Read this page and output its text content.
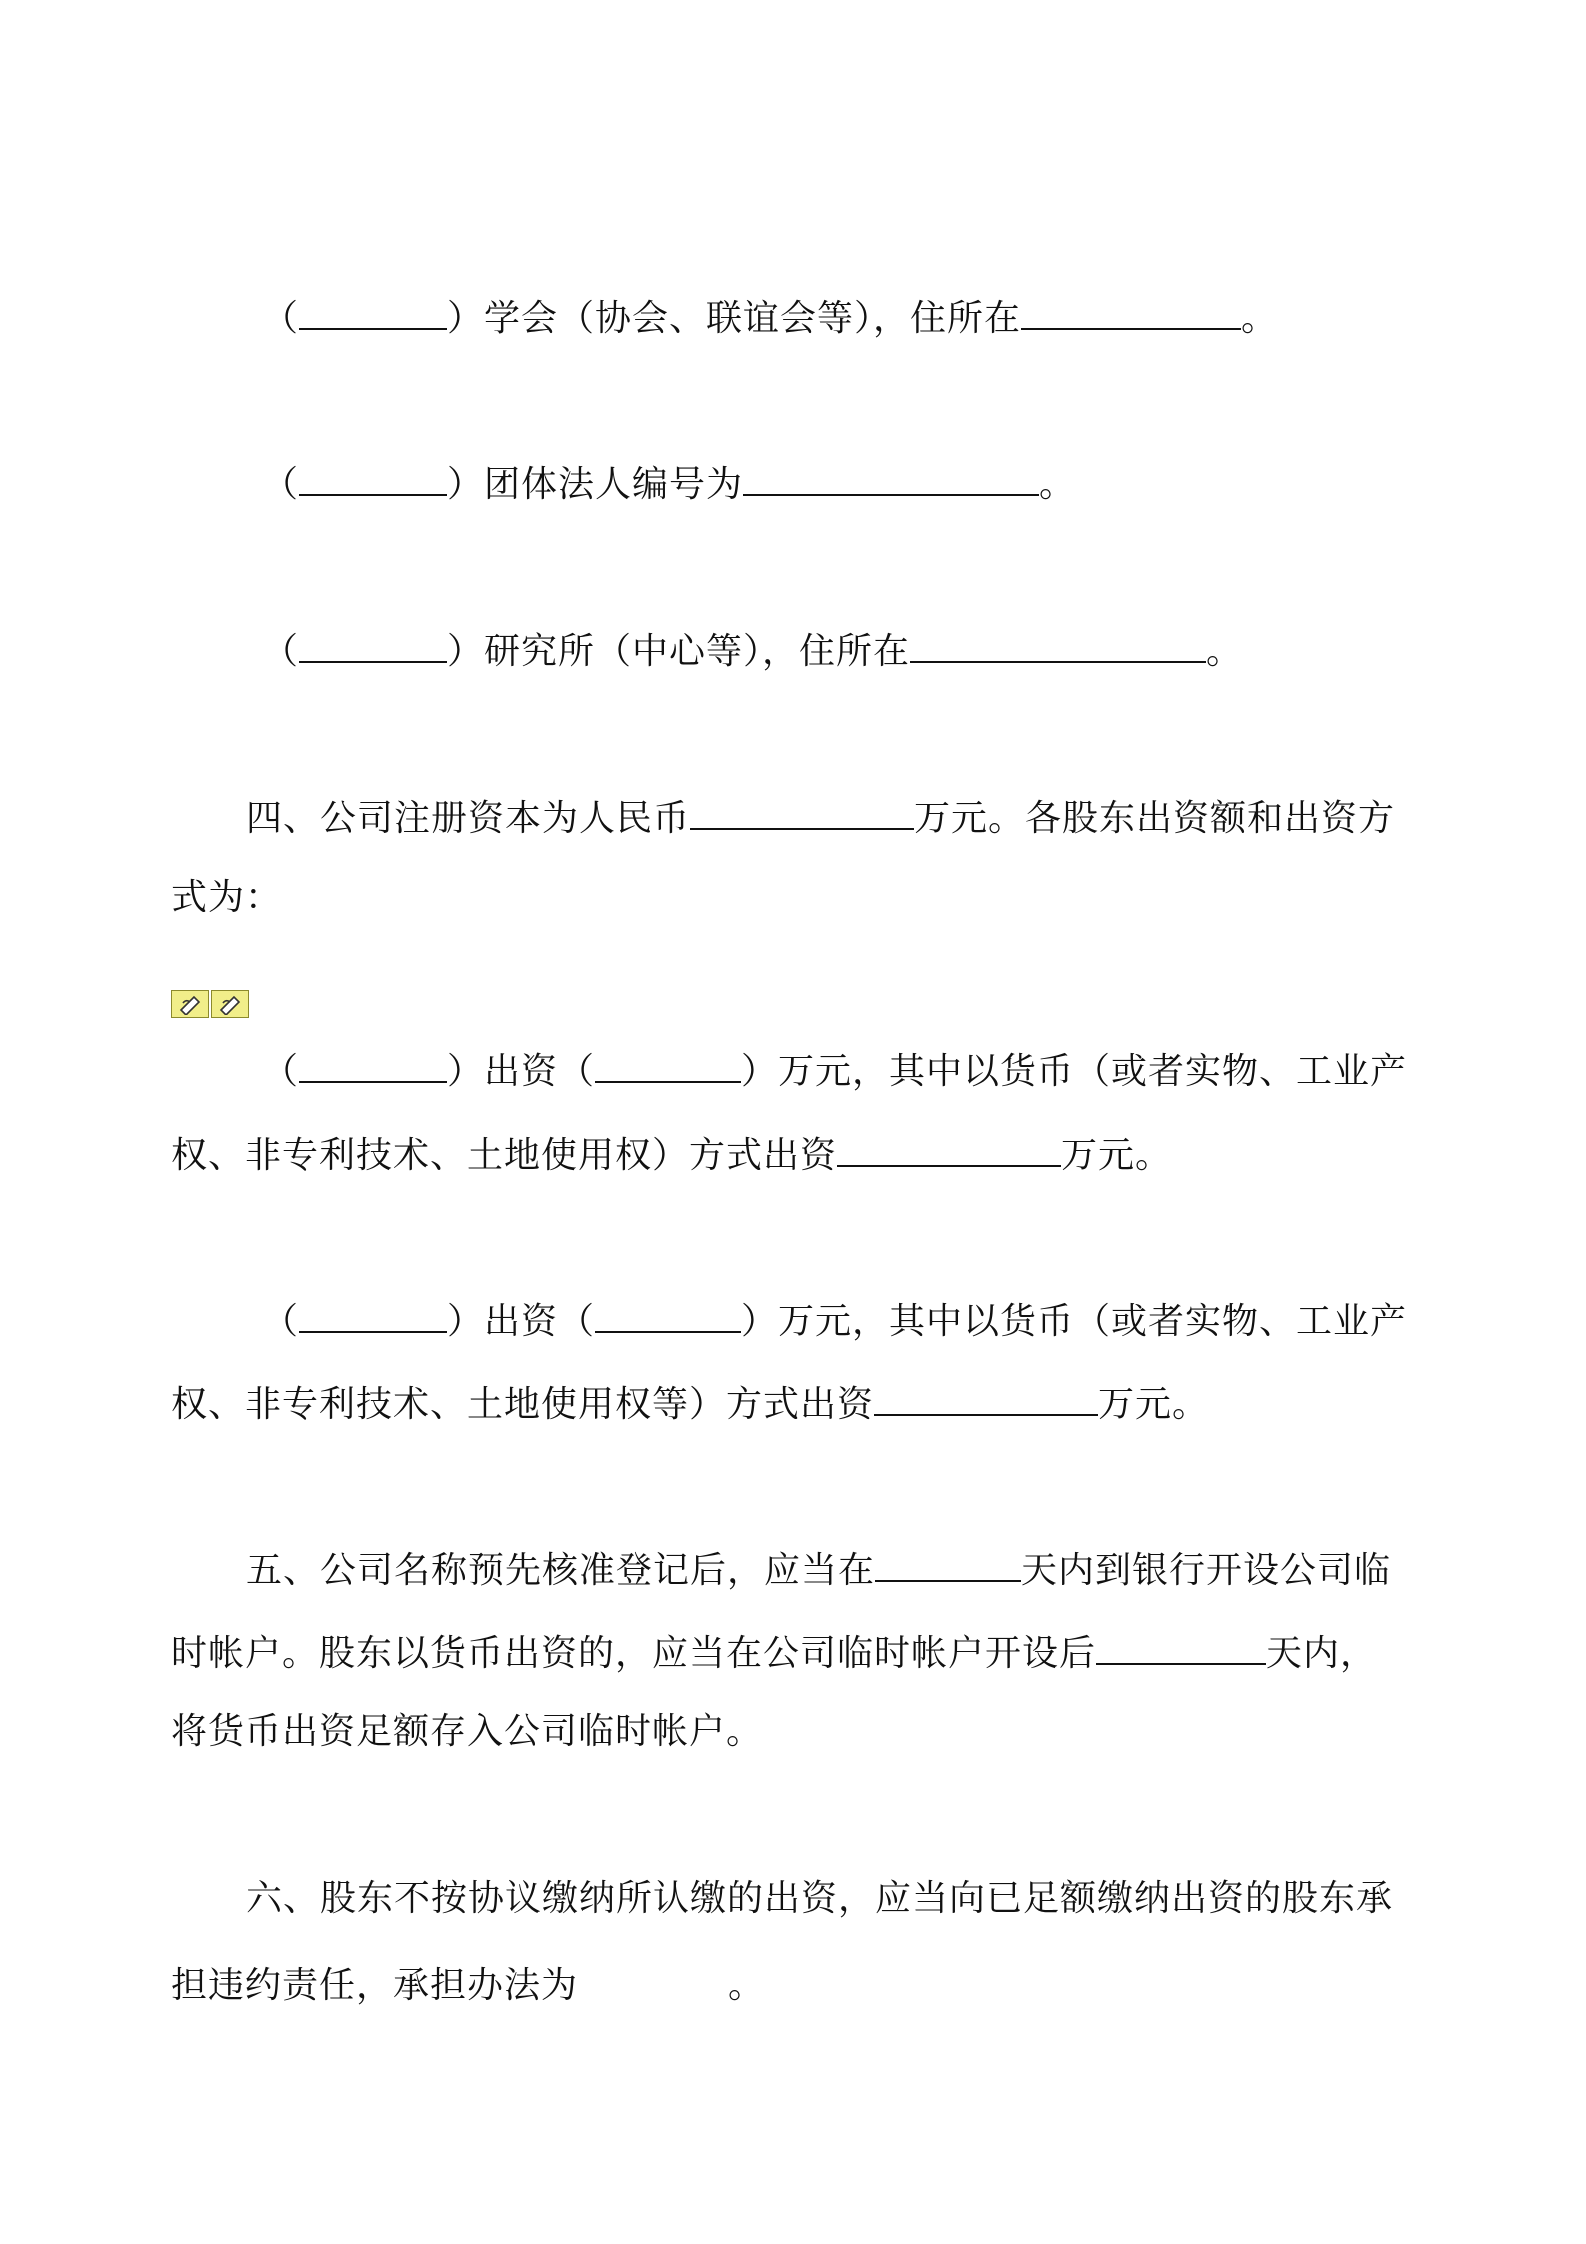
（	）学会（协会、联谊会等），住所在	。
（	）团体法人编号为	。
（	）研究所（中心等），住所在	。
四、公司注册资本为人民币	万元。各股东出资额和出资方
式为：
（	）出资（	）万元，其中以货币（或者实物、工业产
权、非专利技术、土地使用权）方式出资	万元。
（	）出资（	）万元，其中以货币（或者实物、工业产
权、非专利技术、土地使用权等）方式出资	万元。
五、公司名称预先核准登记后，应当在	天内到银行开设公司临
时帐户。股东以货币出资的，应当在公司临时帐户开设后	天内，
将货币出资足额存入公司临时帐户。
六、股东不按协议缴纳所认缴的出资，应当向已足额缴纳出资的股东承
担违约责任，承担办法为	。
